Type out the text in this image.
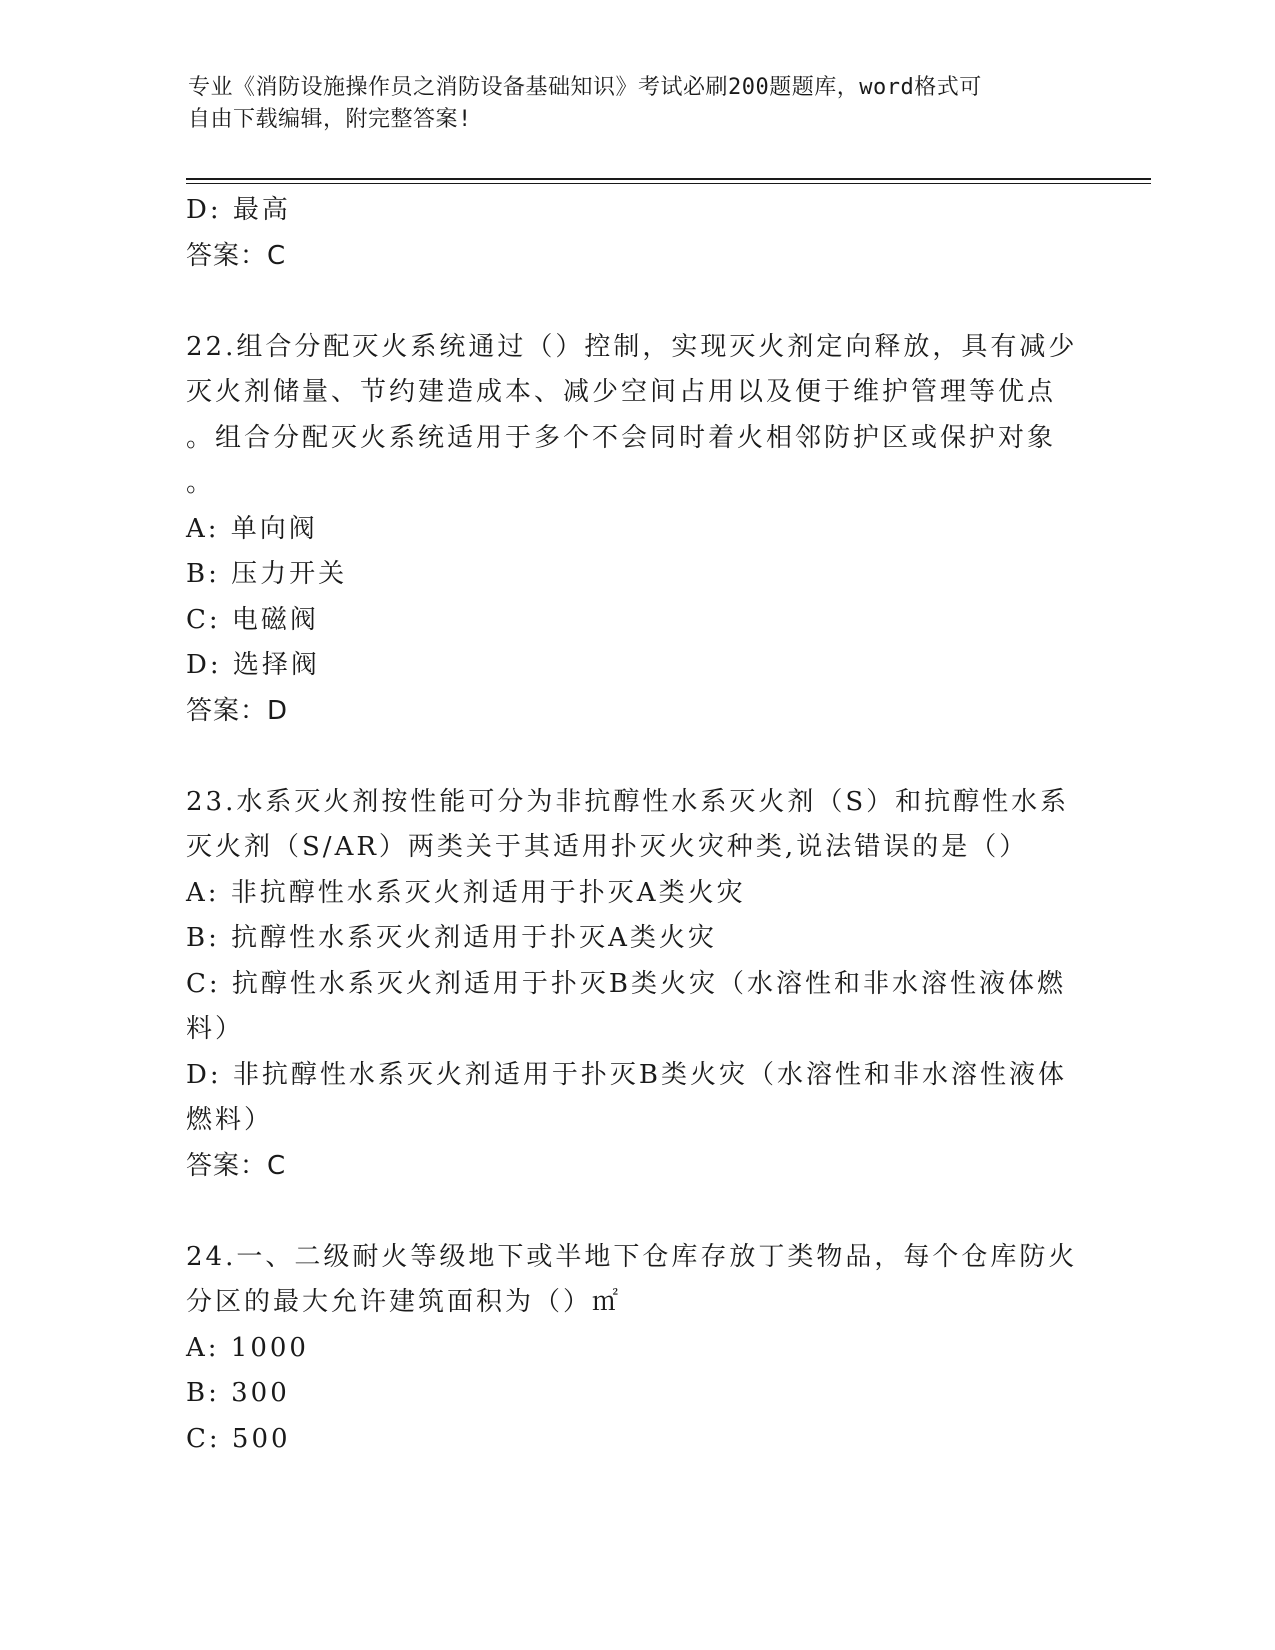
专业《消防设施操作员之消防设备基础知识》考试必刷200题题库，word格式可
自由下载编辑，附完整答案!
D: 最高
答案：C
22.组合分配灭火系统通过（）控制，实现灭火剂定向释放，具有减少
灭火剂储量、节约建造成本、减少空间占用以及便于维护管理等优点
。组合分配灭火系统适用于多个不会同时着火相邻防护区或保护对象
。
A: 单向阀
B: 压力开关
C: 电磁阀
D: 选择阀
答案：D
23.水系灭火剂按性能可分为非抗醇性水系灭火剂（S）和抗醇性水系
灭火剂（S/AR）两类关于其适用扑灭火灾种类,说法错误的是（）
A: 非抗醇性水系灭火剂适用于扑灭A类火灾
B: 抗醇性水系灭火剂适用于扑灭A类火灾
C: 抗醇性水系灭火剂适用于扑灭B类火灾（水溶性和非水溶性液体燃
料）
D: 非抗醇性水系灭火剂适用于扑灭B类火灾（水溶性和非水溶性液体
燃料）
答案：C
24.一、二级耐火等级地下或半地下仓库存放丁类物品，每个仓库防火
分区的最大允许建筑面积为（）㎡
A: 1000
B: 300
C: 500
